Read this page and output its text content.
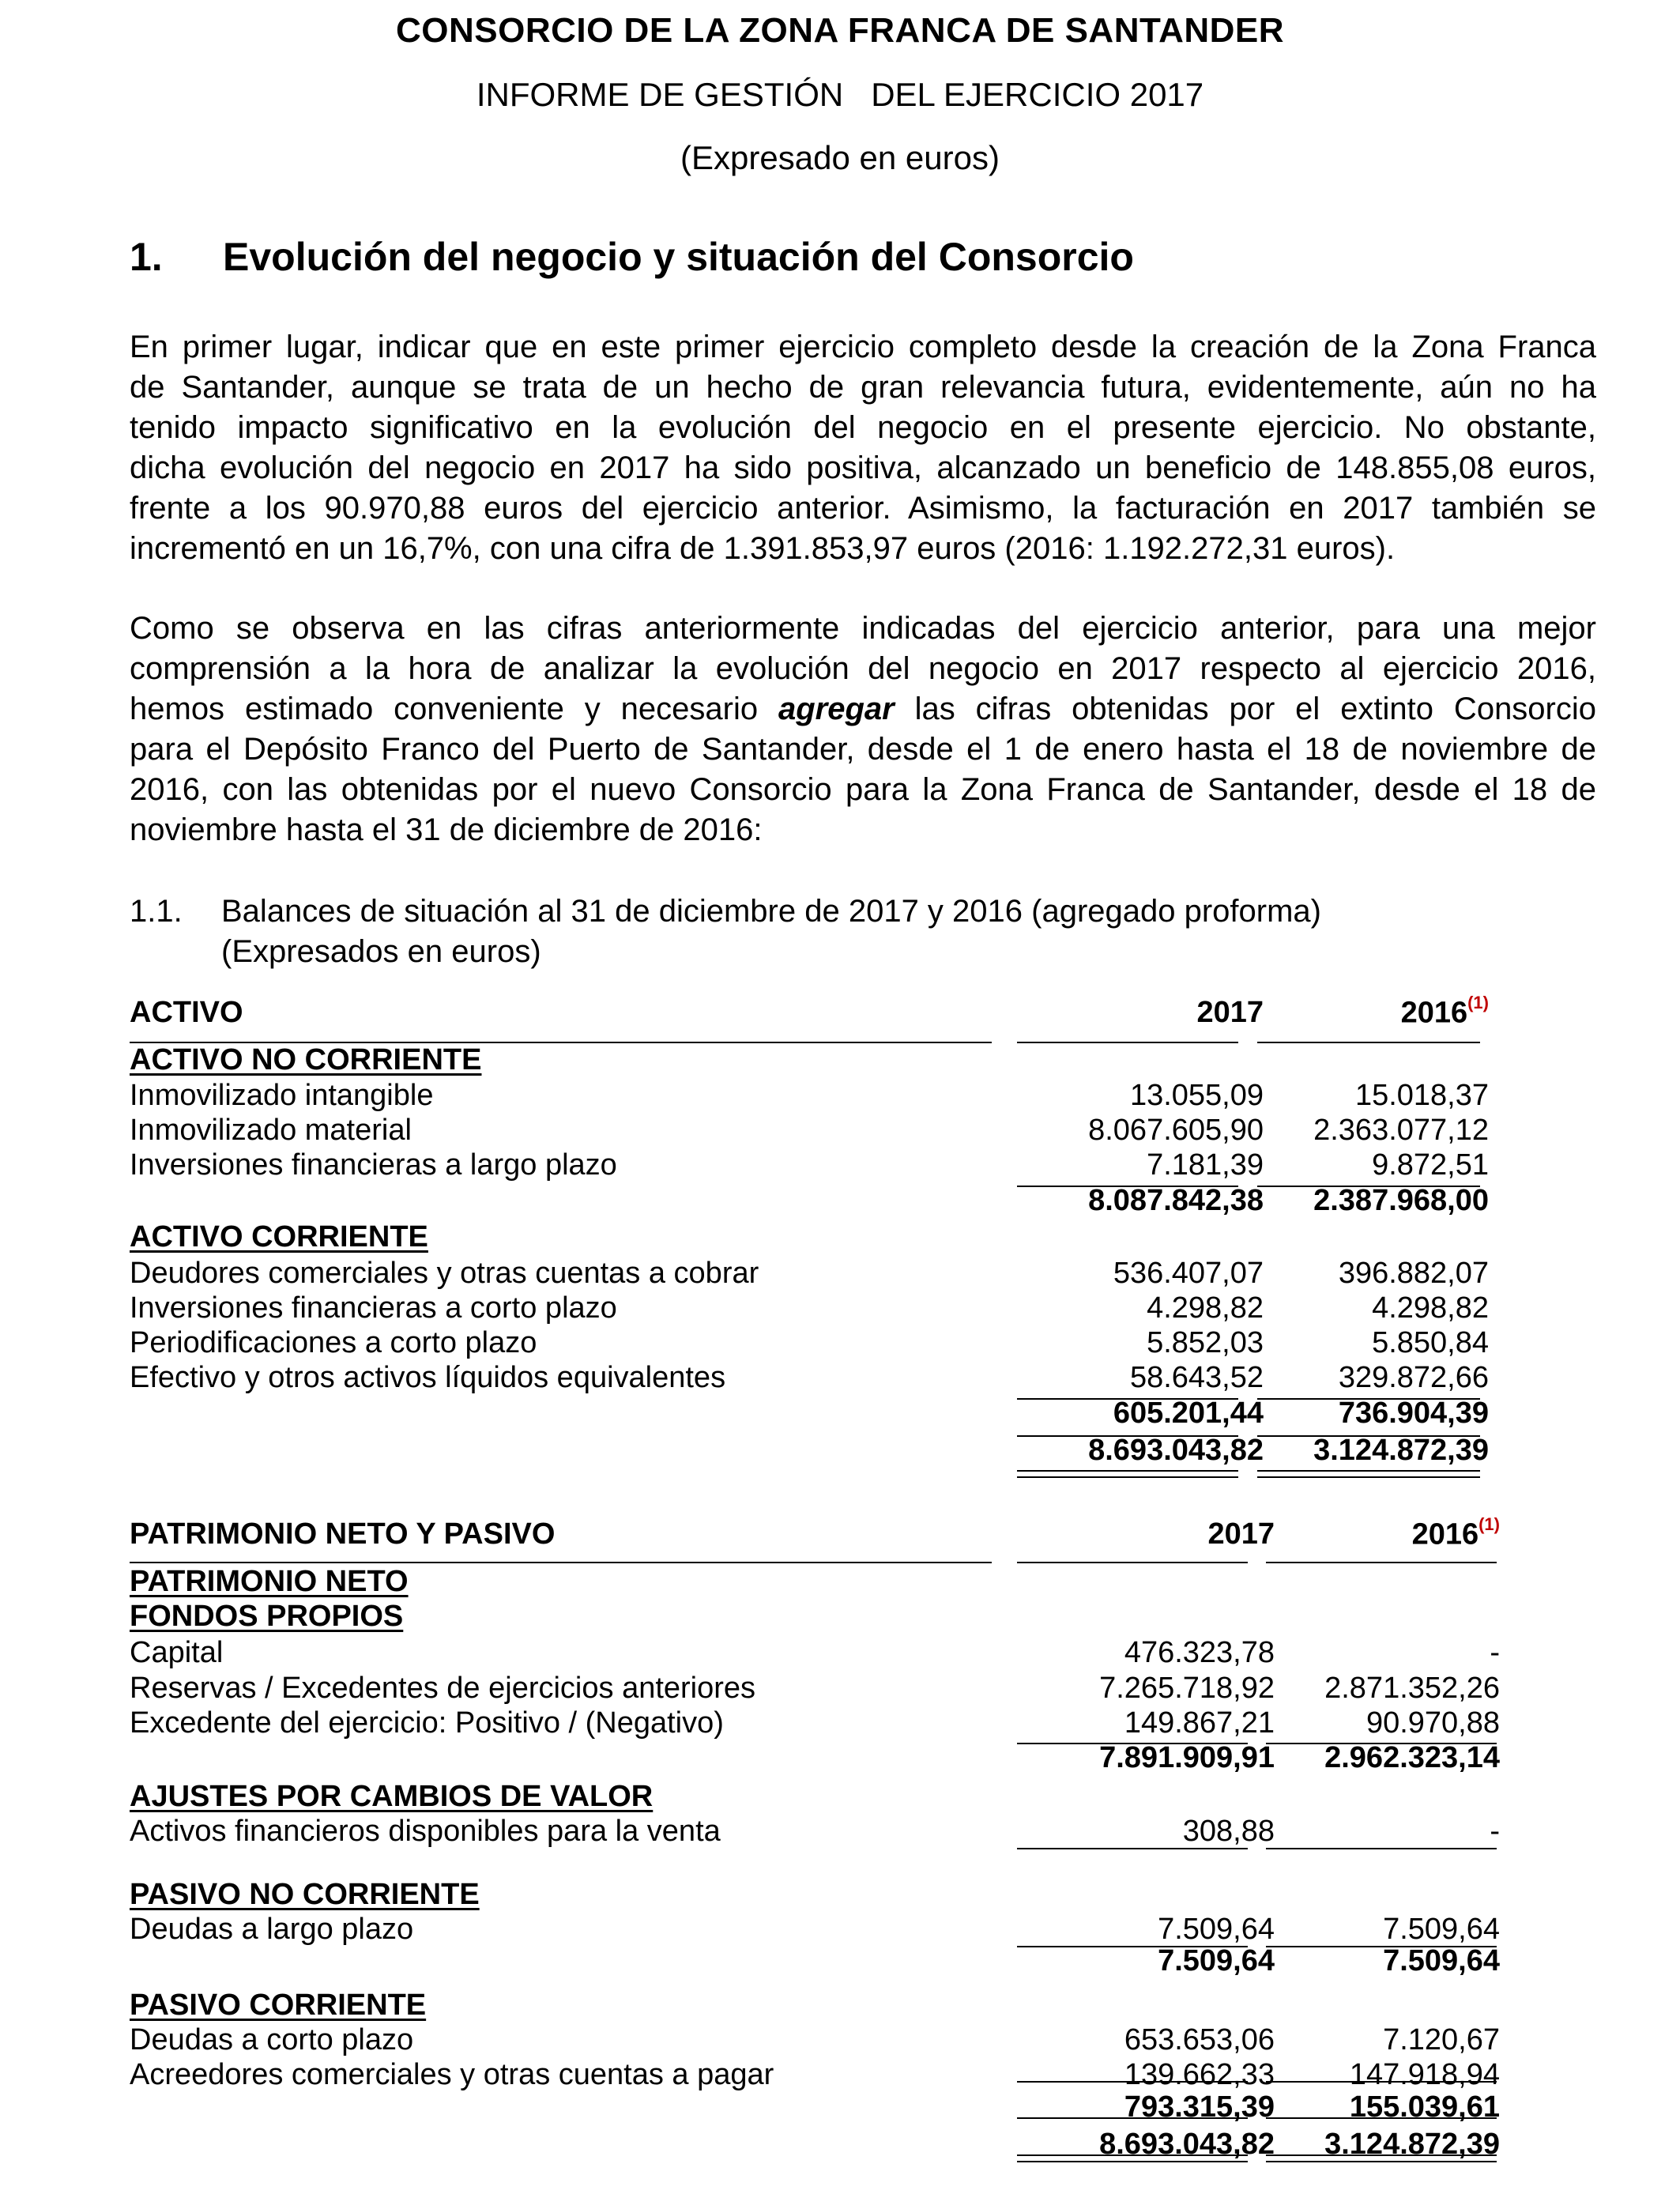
CONSORCIO DE LA ZONA FRANCA DE SANTANDER
INFORME DE GESTIÓN   DEL EJERCICIO 2017
(Expresado en euros)
1. Evolución del negocio y situación del Consorcio

En primer lugar, indicar que en este primer ejercicio completo desde la creación de la Zona Franca
de Santander, aunque se trata de un hecho de gran relevancia futura, evidentemente, aún no ha
tenido impacto significativo en la evolución del negocio en el presente ejercicio. No obstante,
dicha evolución del negocio en 2017 ha sido positiva, alcanzado un beneficio de 148.855,08 euros,
frente a los 90.970,88 euros del ejercicio anterior. Asimismo, la facturación en 2017 también se
incrementó en un 16,7%, con una cifra de 1.391.853,97 euros (2016: 1.192.272,31 euros).

Como se observa en las cifras anteriormente indicadas del ejercicio anterior, para una mejor
comprensión a la hora de analizar la evolución del negocio en 2017 respecto al ejercicio 2016,
hemos estimado conveniente y necesario agregar las cifras obtenidas por el extinto Consorcio
para el Depósito Franco del Puerto de Santander, desde el 1 de enero hasta el 18 de noviembre de
2016, con las obtenidas por el nuevo Consorcio para la Zona Franca de Santander, desde el 18 de
noviembre hasta el 31 de diciembre de 2016:

1.1. Balances de situación al 31 de diciembre de 2017 y 2016 (agregado proforma)
(Expresados en euros)
ACTIVO	2017	2016$^{(1)}$
ACTIVO NO CORRIENTE
Inmovilizado intangible	13.055,09	15.018,37
Inmovilizado material	8.067.605,90 2.363.077,12
Inversiones financieras a largo plazo	7.181,39	9.872,51
8.087.842,38 2.387.968,00
ACTIVO CORRIENTE
Deudores comerciales y otras cuentas a cobrar	536.407,07 396.882,07
Inversiones financieras a corto plazo	4.298,82	4.298,82
Periodificaciones a corto plazo	5.852,03	5.850,84
Efectivo y otros activos líquidos equivalentes	58.643,52 329.872,66
605.201,44 736.904,39
8.693.043,82 3.124.872,39
PATRIMONIO NETO Y PASIVO	2017	2016$^{(1)}$
PATRIMONIO NETO
FONDOS PROPIOS
Capital	476.323,78	-
Reservas / Excedentes de ejercicios anteriores	7.265.718,92 2.871.352,26
Excedente del ejercicio: Positivo / (Negativo)	149.867,21	90.970,88
7.891.909,91 2.962.323,14
AJUSTES POR CAMBIOS DE VALOR
Activos financieros disponibles para la venta	308,88	-
PASIVO NO CORRIENTE
Deudas a largo plazo	7.509,64	7.509,64
7.509,64	7.509,64
PASIVO CORRIENTE
Deudas a corto plazo	653.653,06	7.120,67
Acreedores comerciales y otras cuentas a pagar	139.662,33 147.918,94
793.315,39 155.039,61
8.693.043,82 3.124.872,39
